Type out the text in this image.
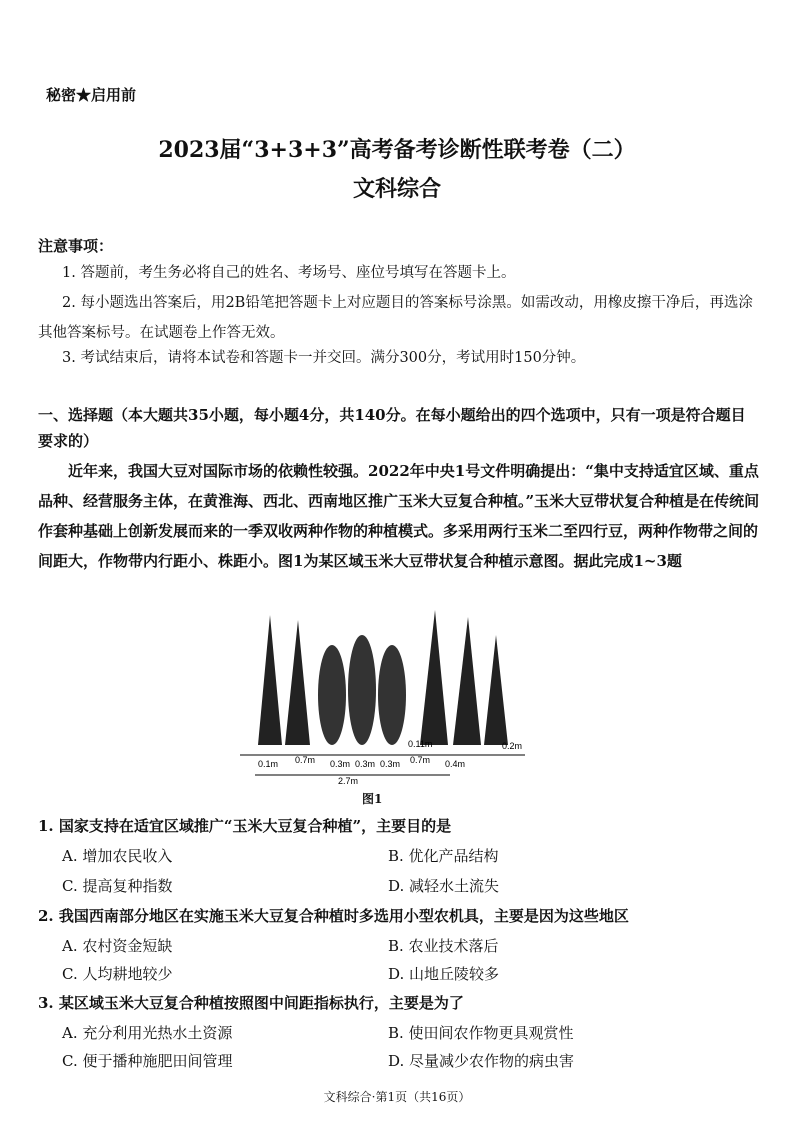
秘密★启用前
2023届“3+3+3”高考备考诊断性联考卷（二）
文科综合
注意事项：
1. 答题前，考生务必将自己的姓名、考场号、座位号填写在答题卡上。
2. 每小题选出答案后，用2B铅笔把答题卡上对应题目的答案标号涂黑。如需改动，用橡皮擦干净后，再选涂其他答案标号。在试题卷上作答无效。
3. 考试结束后，请将本试卷和答题卡一并交回。满分300分，考试用时150分钟。
一、选择题（本大题共35小题，每小题4分，共140分。在每小题给出的四个选项中，只有一项是符合题目要求的）
近年来，我国大豆对国际市场的依赖性较强。2022年中央1号文件明确提出：“集中支持适宜区域、重点品种、经营服务主体，在黄淮海、西北、西南地区推广玉米大豆复合种植。”玉米大豆带状复合种植是在传统间作套种基础上创新发展而来的一季双收两种作物的种植模式。多采用两行玉米二至四行豆，两种作物带之间的间距大，作物带内行距小、株距小。图1为某区域玉米大豆带状复合种植示意图。据此完成1~3题
0.1m 0.7m 0.3m 0.3m 0.3m
0.11m
0.7m 0.4m
0.2m
2.7m
图1
1. 国家支持在适宜区域推广“玉米大豆复合种植”，主要目的是
A. 增加农民收入	B. 优化产品结构
C. 提高复种指数	D. 减轻水土流失
2. 我国西南部分地区在实施玉米大豆复合种植时多选用小型农机具，主要是因为这些地区
A. 农村资金短缺	B. 农业技术落后
C. 人均耕地较少	D. 山地丘陵较多
3. 某区域玉米大豆复合种植按照图中间距指标执行，主要是为了
A. 充分利用光热水土资源	B. 使田间农作物更具观赏性
C. 便于播种施肥田间管理	D. 尽量减少农作物的病虫害
文科综合·第1页（共16页）
